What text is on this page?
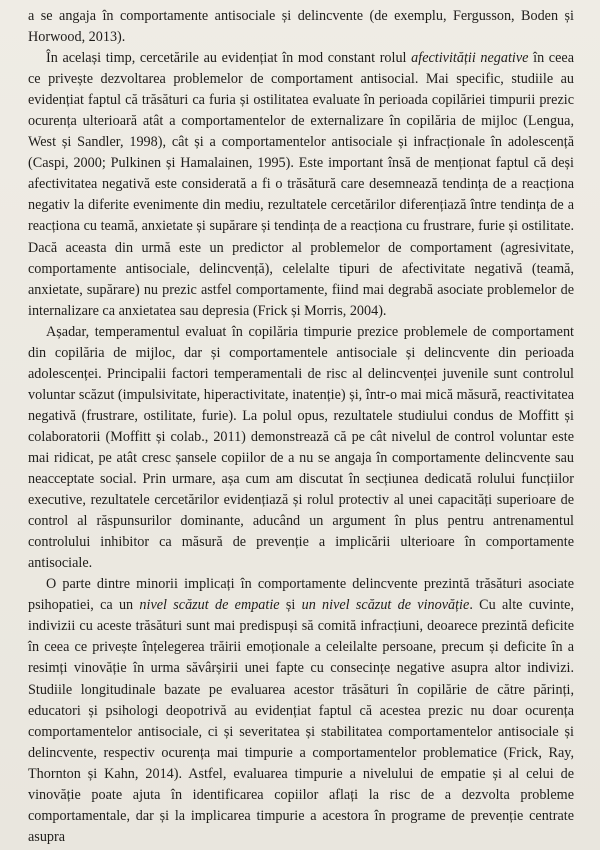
a se angaja în comportamente antisociale și delincvente (de exemplu, Fergusson, Boden și Horwood, 2013).

În același timp, cercetările au evidențiat în mod constant rolul afectivității negative în ceea ce privește dezvoltarea problemelor de comportament antisocial. Mai specific, studiile au evidențiat faptul că trăsături ca furia și ostilitatea evaluate în perioada copilăriei timpurii prezic ocurența ulterioară atât a comportamentelor de externalizare în copilăria de mijloc (Lengua, West și Sandler, 1998), cât și a comportamentelor antisociale și infracționale în adolescență (Caspi, 2000; Pulkinen și Hamalainen, 1995). Este important însă de menționat faptul că deși afectivitatea negativă este considerată a fi o trăsătură care desemnează tendința de a reacționa negativ la diferite evenimente din mediu, rezultatele cercetărilor diferențiază între tendința de a reacționa cu teamă, anxietate și supărare și tendința de a reacționa cu frustrare, furie și ostilitate. Dacă aceasta din urmă este un predictor al problemelor de comportament (agresivitate, comportamente antisociale, delincvență), celelalte tipuri de afectivitate negativă (teamă, anxietate, supărare) nu prezic astfel comportamente, fiind mai degrabă asociate problemelor de internalizare ca anxietatea sau depresia (Frick și Morris, 2004).

Așadar, temperamentul evaluat în copilăria timpurie prezice problemele de comportament din copilăria de mijloc, dar și comportamentele antisociale și delincvente din perioada adolescenței. Principalii factori temperamentali de risc al delincvenței juvenile sunt controlul voluntar scăzut (impulsivitate, hiperactivitate, inatenție) și, într-o mai mică măsură, reactivitatea negativă (frustrare, ostilitate, furie). La polul opus, rezultatele studiului condus de Moffitt și colaboratorii (Moffitt și colab., 2011) demonstrează că pe cât nivelul de control voluntar este mai ridicat, pe atât cresc șansele copiilor de a nu se angaja în comportamente delincvente sau neacceptate social. Prin urmare, așa cum am discutat în secțiunea dedicată rolului funcțiilor executive, rezultatele cercetărilor evidențiază și rolul protectiv al unei capacități superioare de control al răspunsurilor dominante, aducând un argument în plus pentru antrenamentul controlului inhibitor ca măsură de prevenție a implicării ulterioare în comportamente antisociale.

O parte dintre minorii implicați în comportamente delincvente prezintă trăsături asociate psihopatiei, ca un nivel scăzut de empatie și un nivel scăzut de vinovăție. Cu alte cuvinte, indivizii cu aceste trăsături sunt mai predispuși să comită infracțiuni, deoarece prezintă deficite în ceea ce privește înțelegerea trăirii emoționale a celeilalte persoane, precum și deficite în a resimți vinovăție în urma săvârșirii unei fapte cu consecințe negative asupra altor indivizi. Studiile longitudinale bazate pe evaluarea acestor trăsături în copilărie de către părinți, educatori și psihologi deopotrivă au evidențiat faptul că acestea prezic nu doar ocurența comportamentelor antisociale, ci și severitatea și stabilitatea comportamentelor antisociale și delincvente, respectiv ocurența mai timpurie a comportamentelor problematice (Frick, Ray, Thornton și Kahn, 2014). Astfel, evaluarea timpurie a nivelului de empatie și al celui de vinovăție poate ajuta în identificarea copiilor aflați la risc de a dezvolta probleme comportamentale, dar și la implicarea timpurie a acestora în programe de prevenție centrate asupra
